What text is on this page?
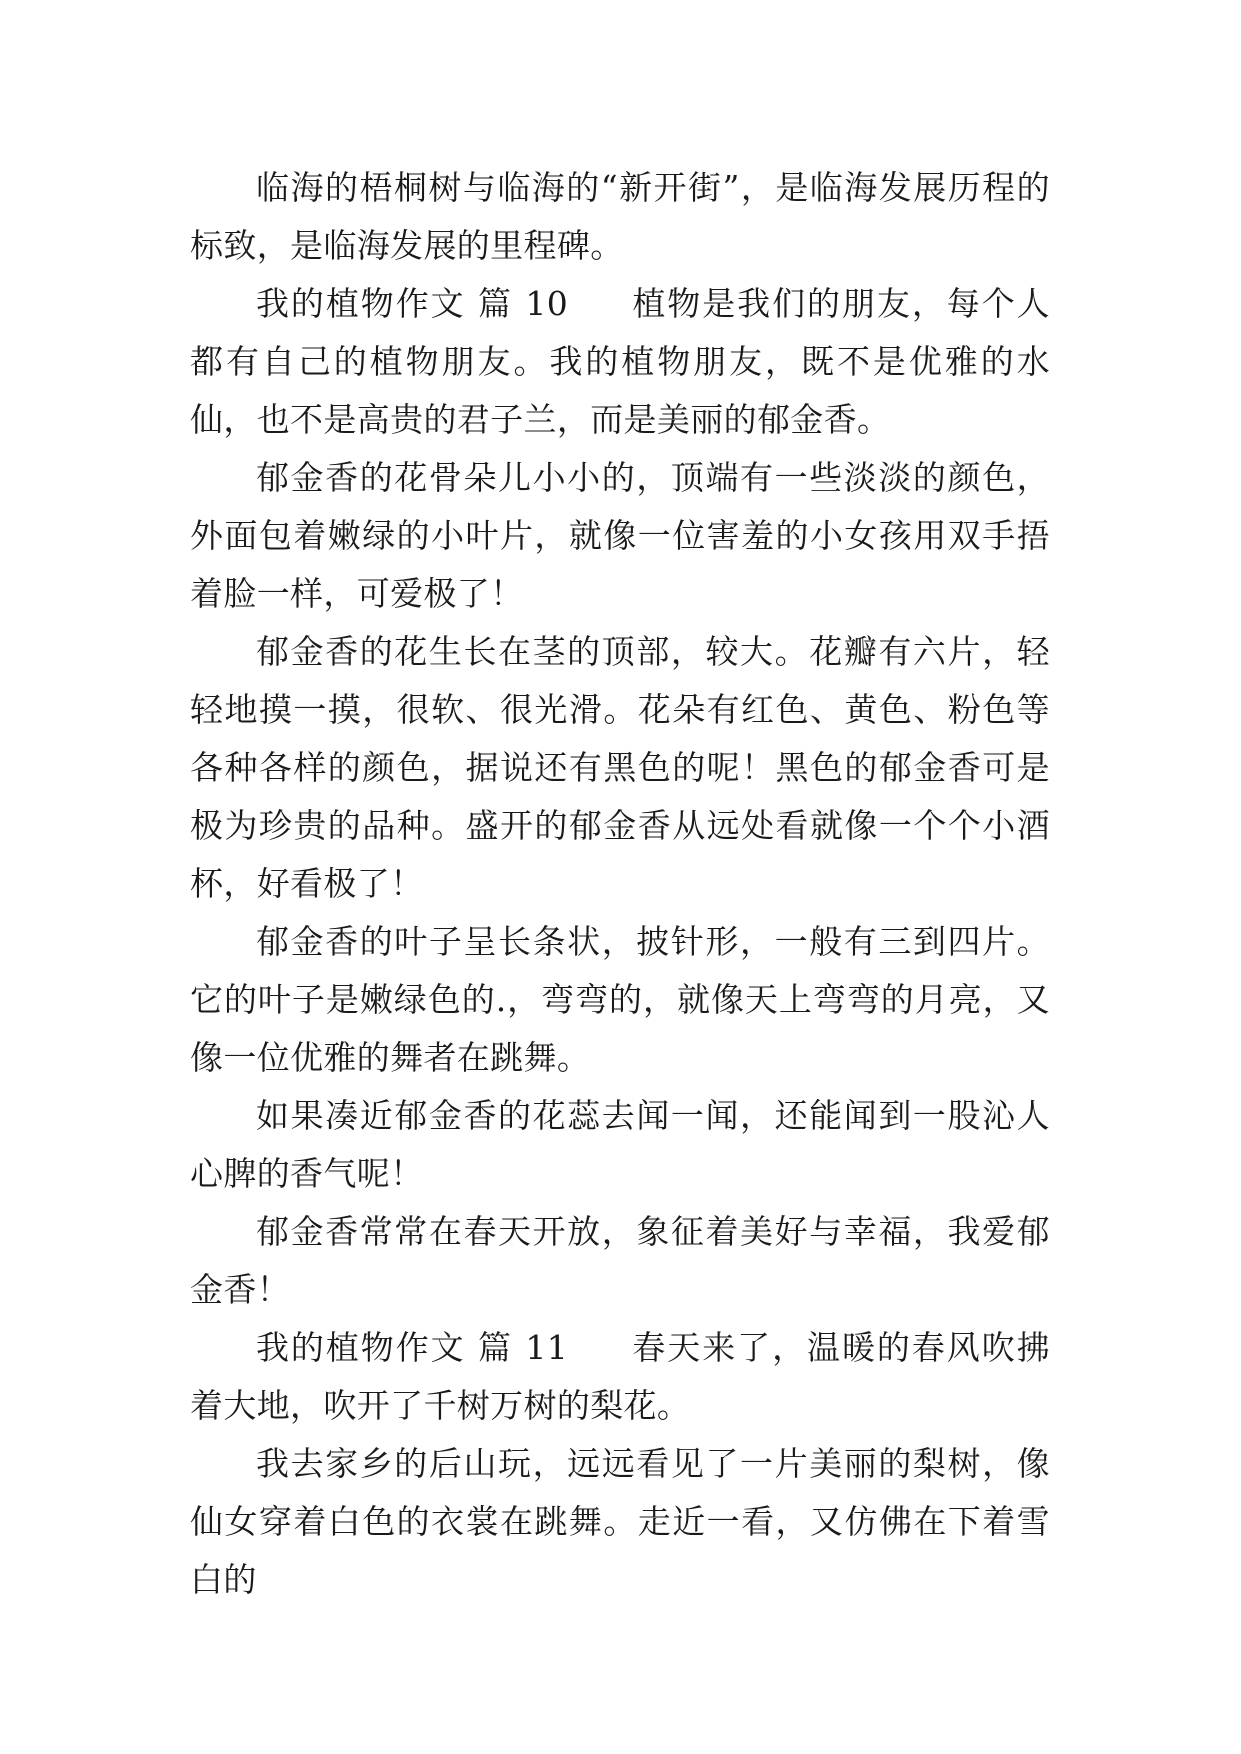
临海的梧桐树与临海的“新开街”，是临海发展历程的标致，是临海发展的里程碑。

我的植物作文 篇 10 植物是我们的朋友，每个人都有自己的植物朋友。我的植物朋友，既不是优雅的水仙，也不是高贵的君子兰，而是美丽的郁金香。

郁金香的花骨朵儿小小的，顶端有一些淡淡的颜色，外面包着嫩绿的小叶片，就像一位害羞的小女孩用双手捂着脸一样，可爱极了！

郁金香的花生长在茎的顶部，较大。花瓣有六片，轻轻地摸一摸，很软、很光滑。花朵有红色、黄色、粉色等各种各样的颜色，据说还有黑色的呢！黑色的郁金香可是极为珍贵的品种。盛开的郁金香从远处看就像一个个小酒杯，好看极了！

郁金香的叶子呈长条状，披针形，一般有三到四片。它的叶子是嫩绿色的.，弯弯的，就像天上弯弯的月亮，又像一位优雅的舞者在跳舞。

如果凑近郁金香的花蕊去闻一闻，还能闻到一股沁人心脾的香气呢！

郁金香常常在春天开放，象征着美好与幸福，我爱郁金香！

我的植物作文 篇 11 春天来了，温暖的春风吹拂着大地，吹开了千树万树的梨花。

我去家乡的后山玩，远远看见了一片美丽的梨树，像仙女穿着白色的衣裳在跳舞。走近一看，又仿佛在下着雪白的
